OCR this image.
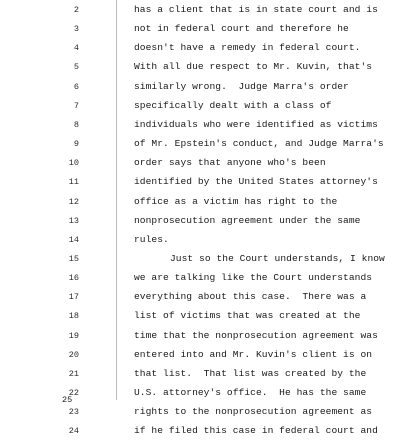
2	has a client that is in state court and is
3	not in federal court and therefore he
4	doesn't have a remedy in federal court.
5	With all due respect to Mr. Kuvin, that's
6	similarly wrong.  Judge Marra's order
7	specifically dealt with a class of
8	individuals who were identified as victims
9	of Mr. Epstein's conduct, and Judge Marra's
10	order says that anyone who's been
11	identified by the United States attorney's
12	office as a victim has right to the
13	nonprosecution agreement under the same
14	rules.
15	Just so the Court understands, I know
16	we are talking like the Court understands
17	everything about this case.  There was a
18	list of victims that was created at the
19	time that the nonprosecution agreement was
20	entered into and Mr. Kuvin's client is on
21	that list.  That list was created by the
22	U.S. attorney's office.  He has the same
23	rights to the nonprosecution agreement as
24	if he filed this case in federal court and
25
